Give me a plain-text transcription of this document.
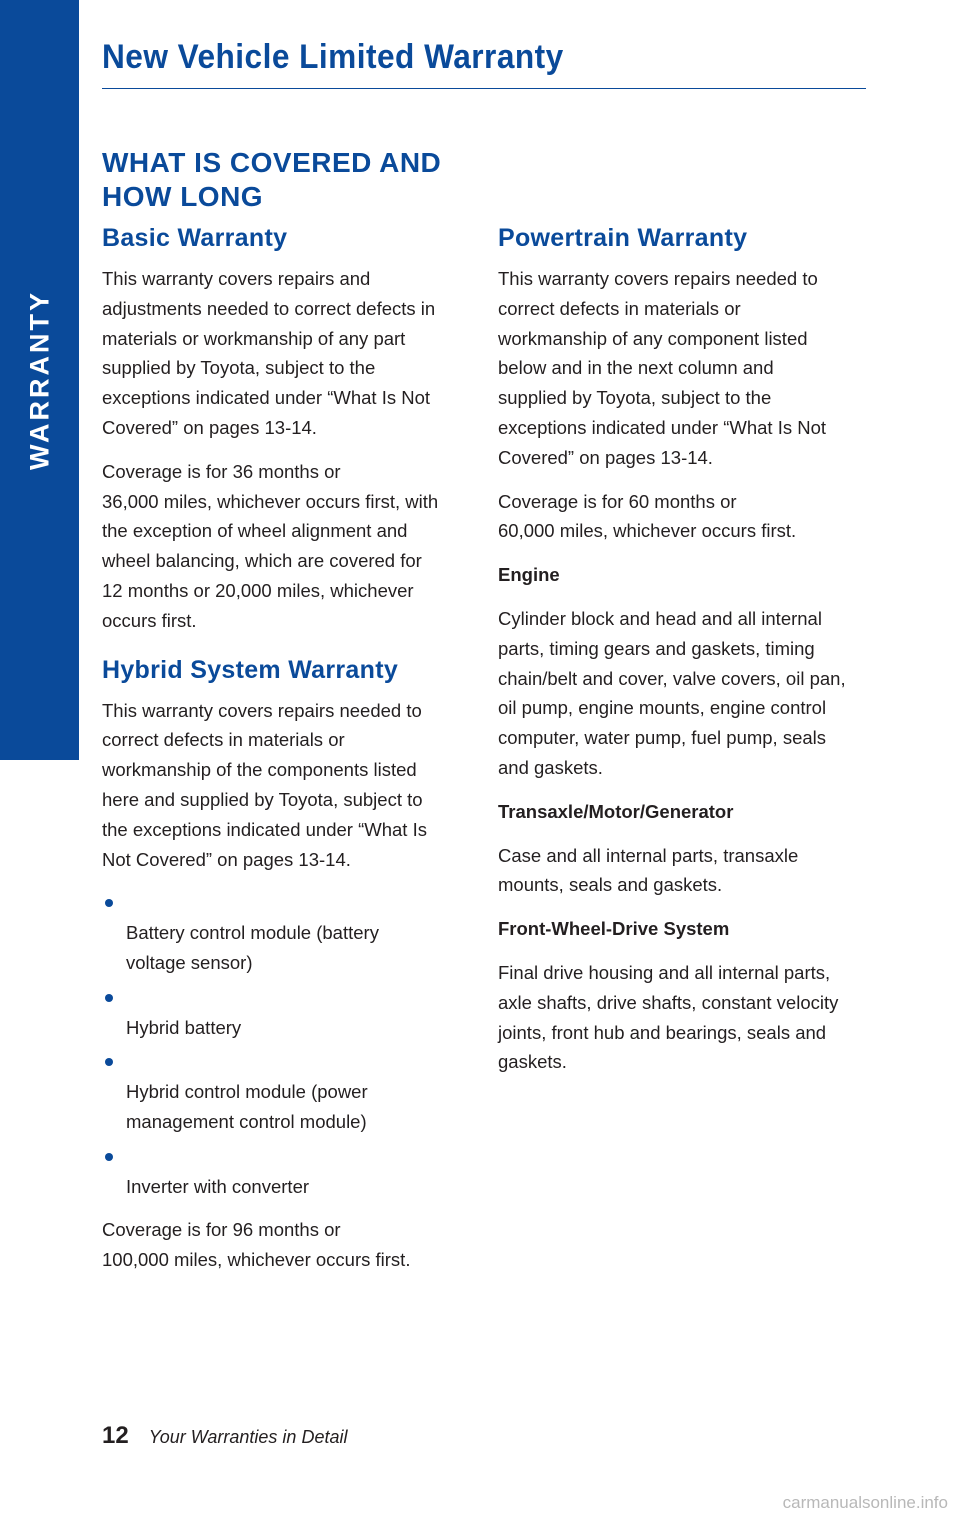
WARRANTY
New Vehicle Limited Warranty
WHAT IS COVERED AND
HOW LONG
Basic Warranty

This warranty covers repairs and
adjustments needed to correct defects in
materials or workmanship of any part
supplied by Toyota, subject to the
exceptions indicated under “What Is Not
Covered” on pages 13-14.

Coverage is for 36 months or
36,000 miles, whichever occurs first, with
the exception of wheel alignment and
wheel balancing, which are covered for
12 months or 20,000 miles, whichever
occurs first.

Hybrid System Warranty

This warranty covers repairs needed to
correct defects in materials or
workmanship of the components listed
here and supplied by Toyota, subject to
the exceptions indicated under “What Is
Not Covered” on pages 13-14.

Battery control module (battery
voltage sensor)

Hybrid battery

Hybrid control module (power
management control module)

Inverter with converter

Coverage is for 96 months or
100,000 miles, whichever occurs first.

Powertrain Warranty

This warranty covers repairs needed to
correct defects in materials or
workmanship of any component listed
below and in the next column and
supplied by Toyota, subject to the
exceptions indicated under “What Is Not
Covered” on pages 13-14.

Coverage is for 60 months or
60,000 miles, whichever occurs first.

Engine

Cylinder block and head and all internal
parts, timing gears and gaskets, timing
chain/belt and cover, valve covers, oil pan,
oil pump, engine mounts, engine control
computer, water pump, fuel pump, seals
and gaskets.

Transaxle/Motor/Generator

Case and all internal parts, transaxle
mounts, seals and gaskets.

Front-Wheel-Drive System

Final drive housing and all internal parts,
axle shafts, drive shafts, constant velocity
joints, front hub and bearings, seals and
gaskets.

12 Your Warranties in Detail
carmanualsonline.info
